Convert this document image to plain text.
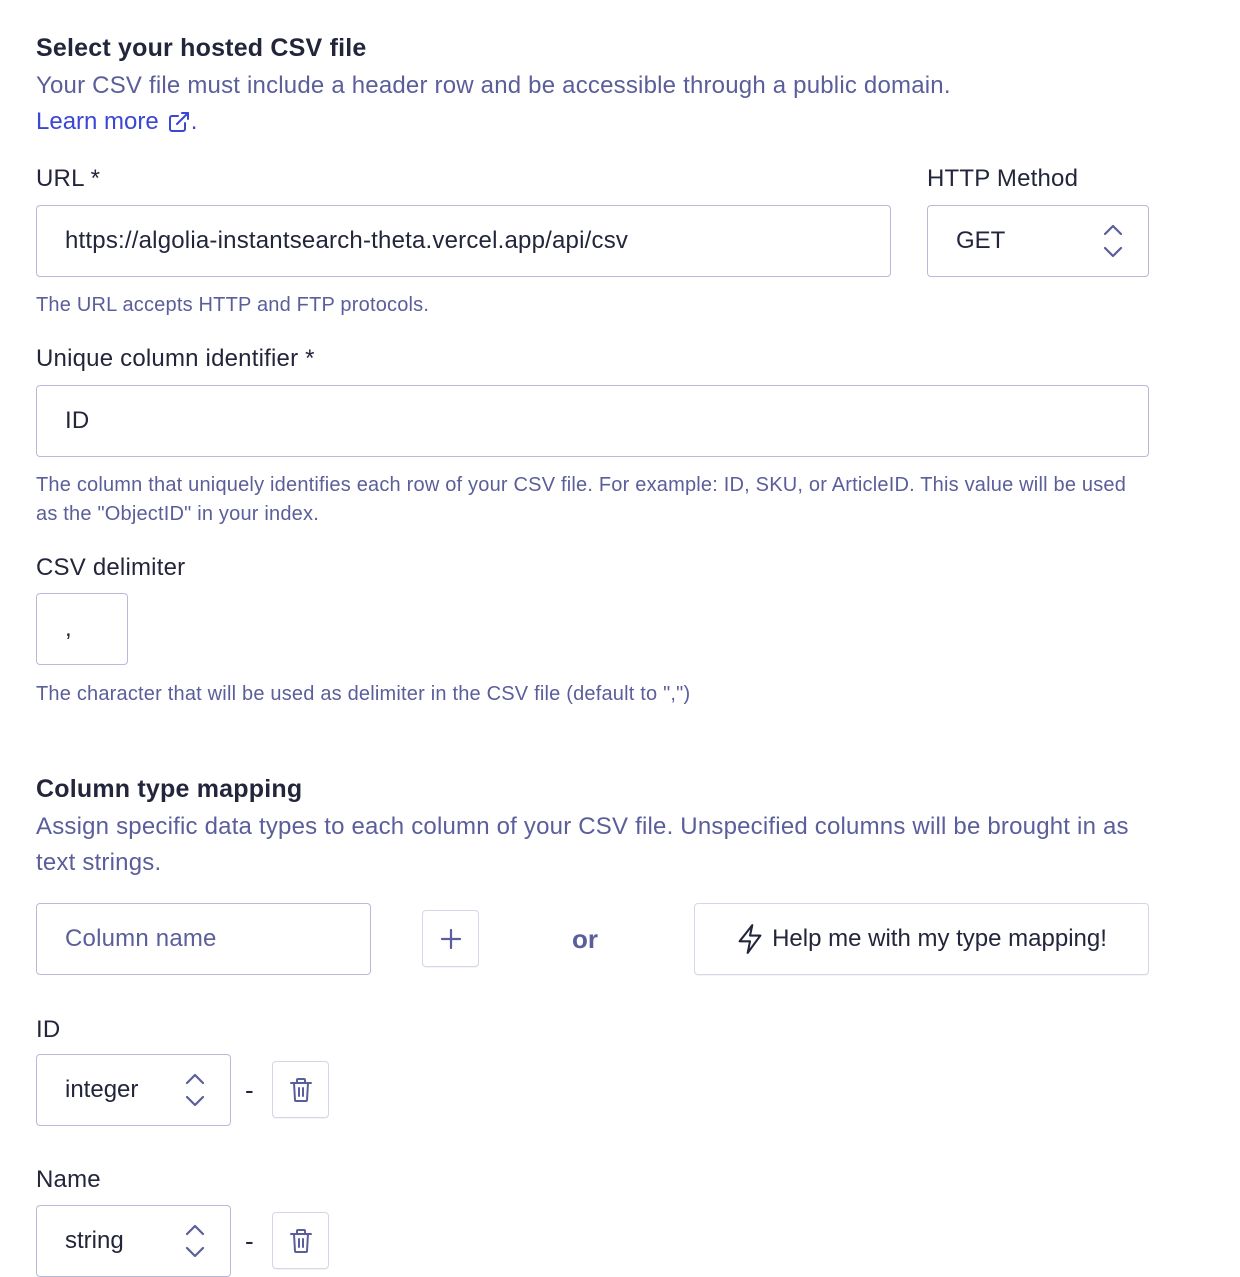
Select your hosted CSV file
Your CSV file must include a header row and be accessible through a public domain.
Learn more .
URL *
https://algolia-instantsearch-theta.vercel.app/api/csv	HTTP Method
GET
The URL accepts HTTP and FTP protocols.
Unique column identifier *
ID
The column that uniquely identifies each row of your CSV file. For example: ID, SKU, or ArticleID. This value will be used as the "ObjectID" in your index.
CSV delimiter
,
The character that will be used as delimiter in the CSV file (default to ",")
Column type mapping
Assign specific data types to each column of your CSV file. Unspecified columns will be brought in as text strings.
Column name
or	Help me with my type mapping!
ID
integer	-
Name
string	-
